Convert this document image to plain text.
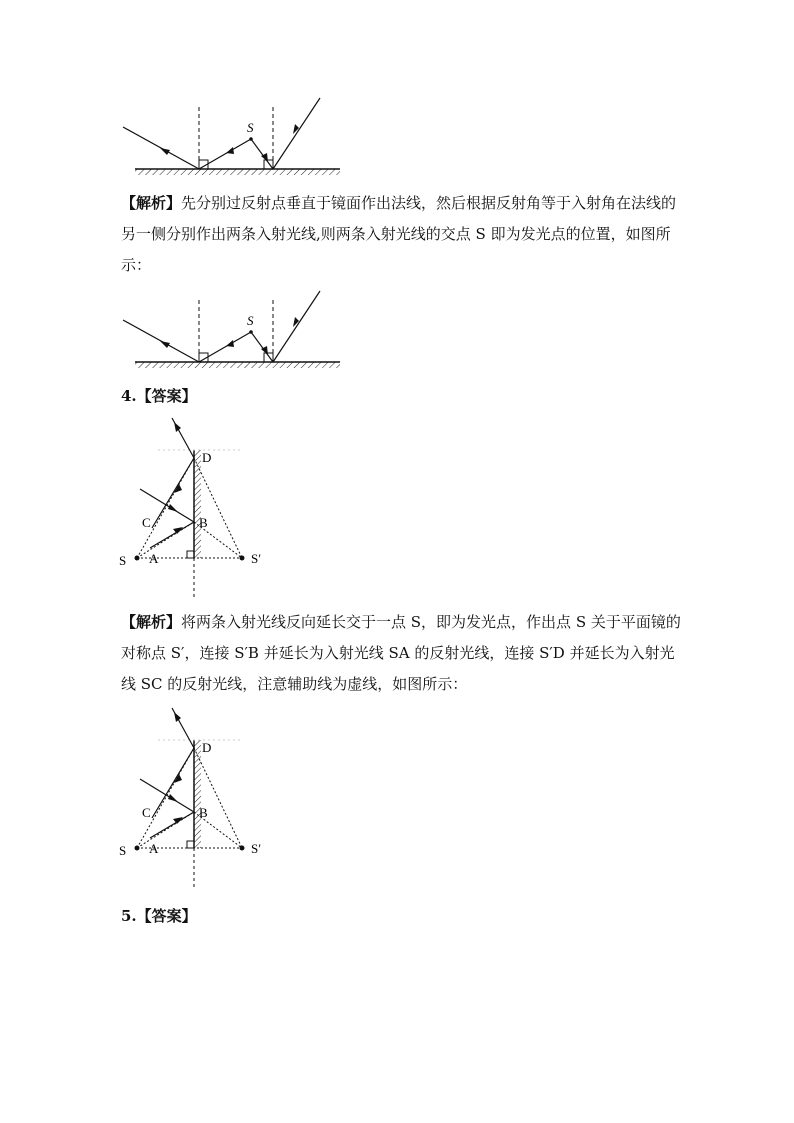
S
【解析】先分别过反射点垂直于镜面作出法线，然后根据反射角等于入射角在法线的另一侧分别作出两条入射光线,则两条入射光线的交点 S 即为发光点的位置，如图所示：
S
4.【答案】
D
B
C
A
S	S′
【解析】将两条入射光线反向延长交于一点 S，即为发光点，作出点 S 关于平面镜的对称点 S′，连接 S′B 并延长为入射光线 SA 的反射光线，连接 S′D 并延长为入射光线 SC 的反射光线，注意辅助线为虚线，如图所示：
D
B
C
A
S	S′
5.【答案】
